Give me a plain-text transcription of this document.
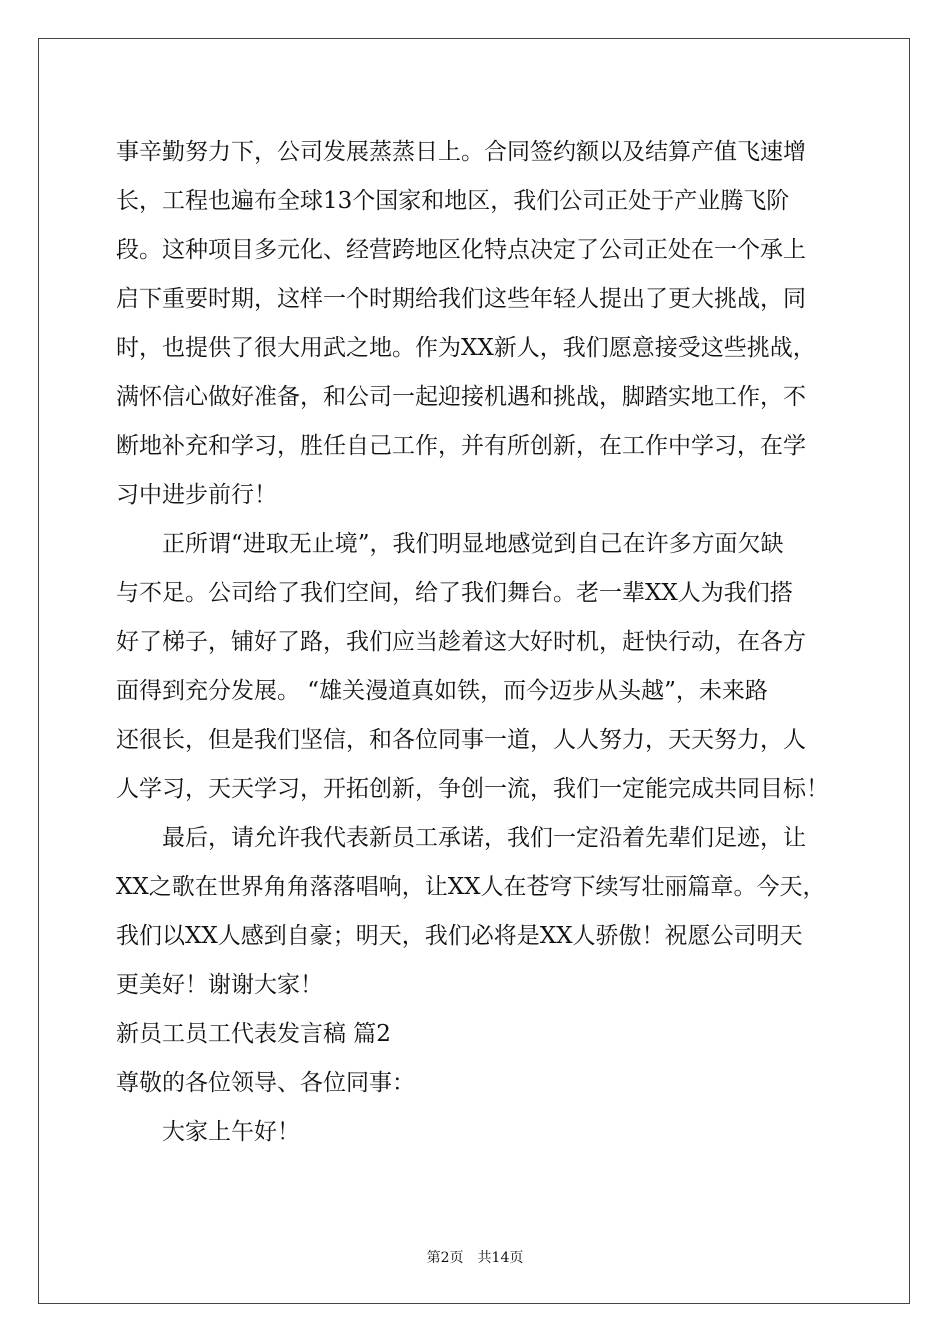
事辛勤努力下，公司发展蒸蒸日上。合同签约额以及结算产值飞速增
长，工程也遍布全球13个国家和地区，我们公司正处于产业腾飞阶
段。这种项目多元化、经营跨地区化特点决定了公司正处在一个承上
启下重要时期，这样一个时期给我们这些年轻人提出了更大挑战，同
时，也提供了很大用武之地。作为XX新人，我们愿意接受这些挑战，
满怀信心做好准备，和公司一起迎接机遇和挑战，脚踏实地工作，不
断地补充和学习，胜任自己工作，并有所创新，在工作中学习，在学
习中进步前行！
正所谓“进取无止境”，我们明显地感觉到自己在许多方面欠缺
与不足。公司给了我们空间，给了我们舞台。老一辈XX人为我们搭
好了梯子，铺好了路，我们应当趁着这大好时机，赶快行动，在各方
面得到充分发展。 “雄关漫道真如铁，而今迈步从头越”，未来路
还很长，但是我们坚信，和各位同事一道，人人努力，天天努力，人
人学习，天天学习，开拓创新，争创一流，我们一定能完成共同目标！
最后，请允许我代表新员工承诺，我们一定沿着先辈们足迹，让
XX之歌在世界角角落落唱响，让XX人在苍穹下续写壮丽篇章。今天，
我们以XX人感到自豪；明天，我们必将是XX人骄傲！祝愿公司明天
更美好！谢谢大家！
新员工员工代表发言稿 篇2
尊敬的各位领导、各位同事：
大家上午好！
第2页　共14页
